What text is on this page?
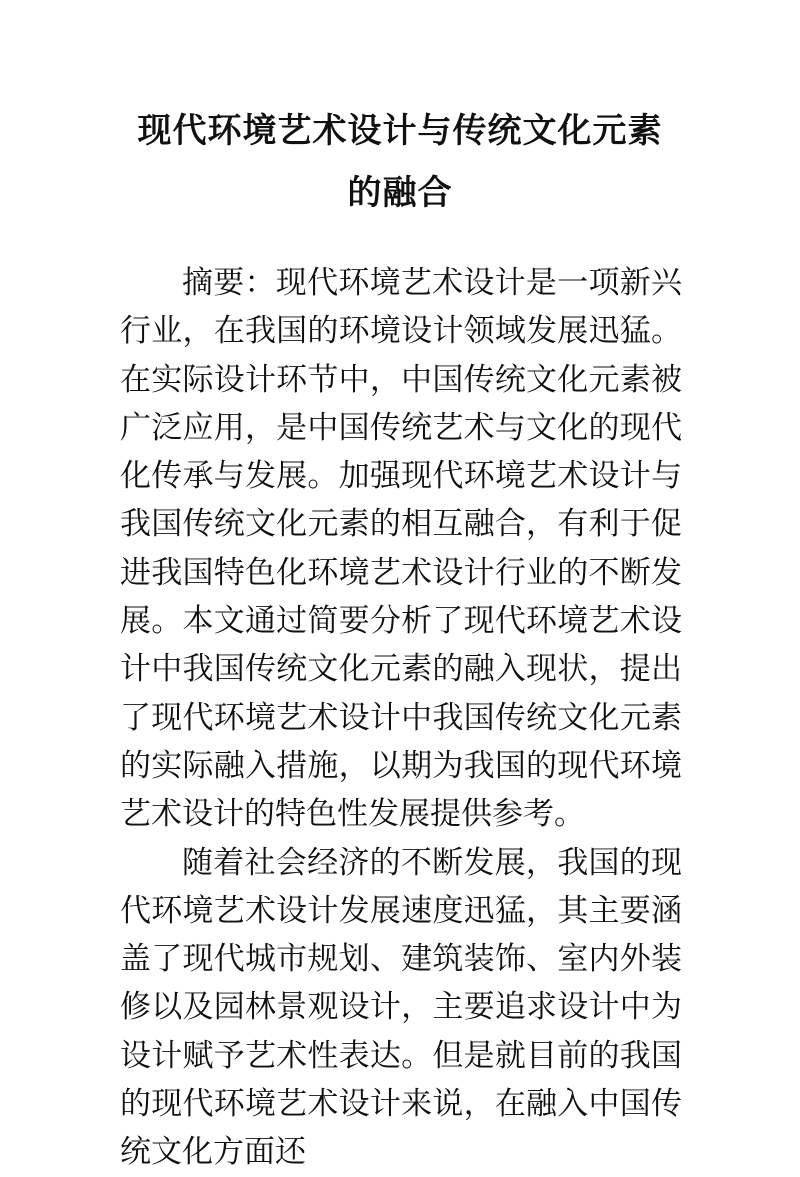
现代环境艺术设计与传统文化元素
的融合

摘要：现代环境艺术设计是一项新兴行业，在我国的环境设计领域发展迅猛。在实际设计环节中，中国传统文化元素被广泛应用，是中国传统艺术与文化的现代化传承与发展。加强现代环境艺术设计与我国传统文化元素的相互融合，有利于促进我国特色化环境艺术设计行业的不断发展。本文通过简要分析了现代环境艺术设计中我国传统文化元素的融入现状，提出了现代环境艺术设计中我国传统文化元素的实际融入措施，以期为我国的现代环境艺术设计的特色性发展提供参考。

随着社会经济的不断发展，我国的现代环境艺术设计发展速度迅猛，其主要涵盖了现代城市规划、建筑装饰、室内外装修以及园林景观设计，主要追求设计中为设计赋予艺术性表达。但是就目前的我国的现代环境艺术设计来说，在融入中国传统文化方面还
